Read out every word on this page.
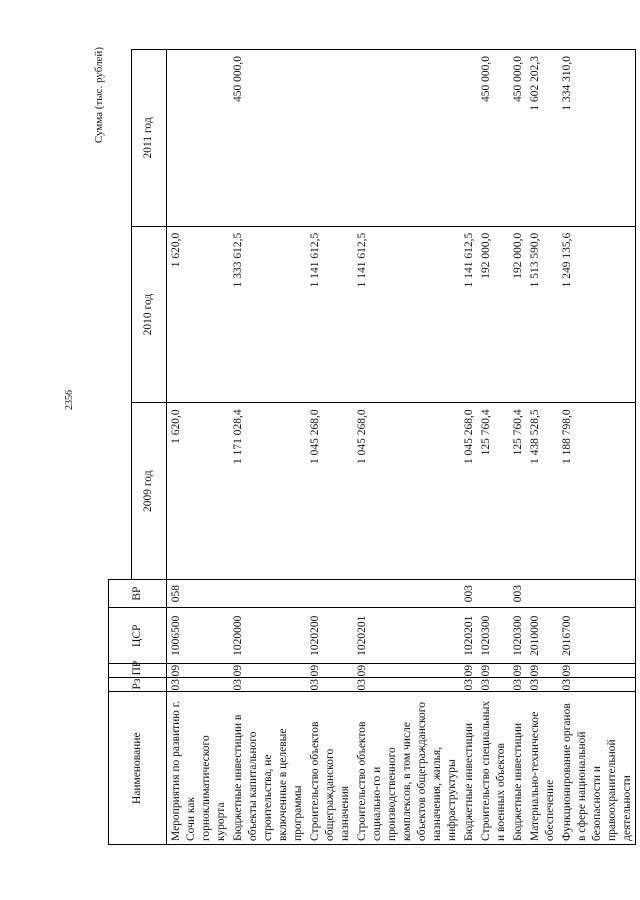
2356
Сумма (тыс. рублей)
Наименование	Рз	ПР	ЦСР	ВР			
					2009 год	2010 год	2011 год
Мероприятия по развитию г. Сочи как горноклиматического курорта	03	09	1006500	058	1 620,0	1 620,0	
Бюджетные инвестиции в объекты капитального строительства, не включенные в целевые программы	03	09	1020000		1 171 028,4	1 333 612,5	450 000,0
Строительство объектов общегражданского назначения	03	09	1020200		1 045 268,0	1 141 612,5	
Строительство объектов социально-го и производственного комплексов, в том числе объектов общегражданского назначения, жилья, инфраструктуры	03	09	1020201		1 045 268,0	1 141 612,5	
Бюджетные инвестиции	03	09	1020201	003	1 045 268,0	1 141 612,5	
Строительство специальных и военных объектов	03	09	1020300		125 760,4	192 000,0	450 000,0
Бюджетные инвестиции	03	09	1020300	003	125 760,4	192 000,0	450 000,0
Материально-техническое обеспечение	03	09	2010000		1 438 528,5	1 513 590,0	1 602 202,3
Функционирование органов в сфере национальной безопасности и правоохранительной деятельности	03	09	2016700		1 188 798,0	1 249 135,6	1 334 310,0
